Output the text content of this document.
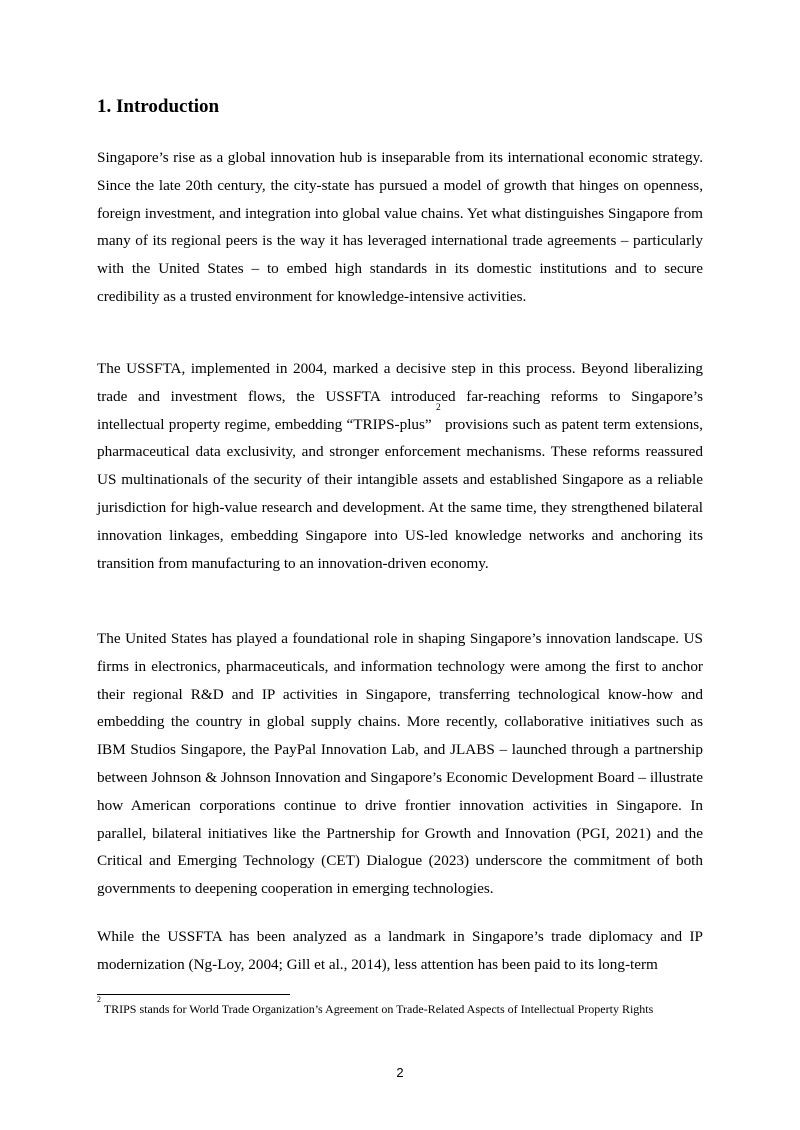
1. Introduction

Singapore’s rise as a global innovation hub is inseparable from its international economic strategy. Since the late 20th century, the city-state has pursued a model of growth that hinges on openness, foreign investment, and integration into global value chains. Yet what distinguishes Singapore from many of its regional peers is the way it has leveraged international trade agreements – particularly with the United States – to embed high standards in its domestic institutions and to secure credibility as a trusted environment for knowledge-intensive activities.

The USSFTA, implemented in 2004, marked a decisive step in this process. Beyond liberalizing trade and investment flows, the USSFTA introduced far-reaching reforms to Singapore’s intellectual property regime, embedding “TRIPS-plus” $^2$ provisions such as patent term extensions, pharmaceutical data exclusivity, and stronger enforcement mechanisms. These reforms reassured US multinationals of the security of their intangible assets and established Singapore as a reliable jurisdiction for high-value research and development. At the same time, they strengthened bilateral innovation linkages, embedding Singapore into US-led knowledge networks and anchoring its transition from manufacturing to an innovation-driven economy.

The United States has played a foundational role in shaping Singapore’s innovation landscape. US firms in electronics, pharmaceuticals, and information technology were among the first to anchor their regional R&D and IP activities in Singapore, transferring technological know-how and embedding the country in global supply chains. More recently, collaborative initiatives such as IBM Studios Singapore, the PayPal Innovation Lab, and JLABS – launched through a partnership between Johnson & Johnson Innovation and Singapore’s Economic Development Board – illustrate how American corporations continue to drive frontier innovation activities in Singapore. In parallel, bilateral initiatives like the Partnership for Growth and Innovation (PGI, 2021) and the Critical and Emerging Technology (CET) Dialogue (2023) underscore the commitment of both governments to deepening cooperation in emerging technologies.

While the USSFTA has been analyzed as a landmark in Singapore’s trade diplomacy and IP modernization (Ng-Loy, 2004; Gill et al., 2014), less attention has been paid to its long-term

$^2$ TRIPS stands for World Trade Organization’s Agreement on Trade-Related Aspects of Intellectual Property Rights

2
